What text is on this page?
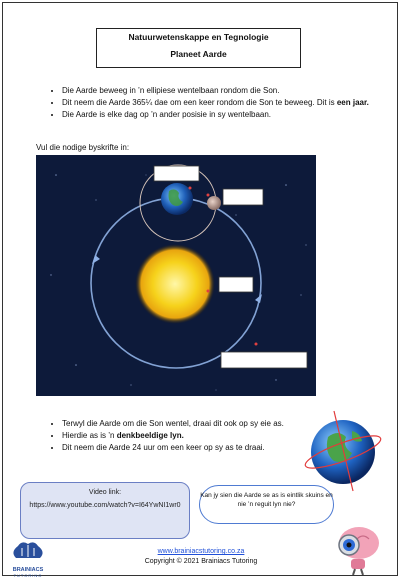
Natuurwetenskappe en Tegnologie
Planeet Aarde
• Die Aarde beweeg in ’n ellipiese wentelbaan rondom die Son.
• Dit neem die Aarde 365¼ dae om een keer rondom die Son te beweeg. Dit is een jaar.
• Die Aarde is elke dag op ’n ander posisie in sy wentelbaan.
Vul die nodige byskrifte in:
• Terwyl die Aarde om die Son wentel, draai dit ook op sy eie as.
• Hierdie as is ’n denkbeeldige lyn.
• Dit neem die Aarde 24 uur om een keer op sy as te draai.
Video link:
https://www.youtube.com/watch?v=I64YwNI1wr0
Kan jy sien die Aarde se as is eintlik skuins en nie ’n reguit lyn nie?
BRAINIACS
TUTORING
www.brainiacstutoring.co.za
Copyright © 2021 Brainiacs Tutoring
